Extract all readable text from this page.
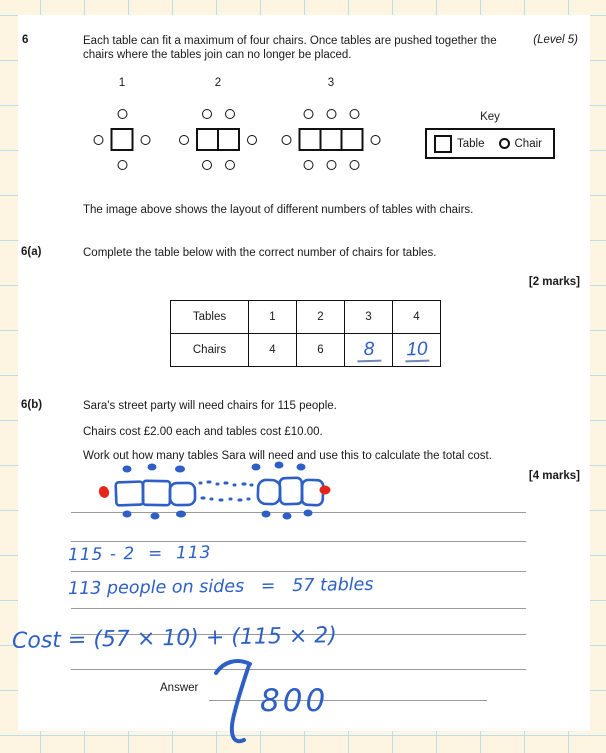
6	Each table can fit a maximum of four chairs. Once tables are pushed together the
chairs where the tables join can no longer be placed.
(Level 5)
1	2	3
Key
Table	Chair
The image above shows the layout of different numbers of tables with chairs.
6(a)	Complete the table below with the correct number of chairs for tables.
[2 marks]
Tables	1	2	3	4
Chairs	4	6	8	10
6(b)	Sara's street party will need chairs for 115 people.
Chairs cost £2.00 each and tables cost £10.00.
Work out how many tables Sara will need and use this to calculate the total cost.
[4 marks]
115 - 2  =  113
113 people on sides   =   57 tables
Cost = (57 × 10) + (115 × 2)
Answer 800
